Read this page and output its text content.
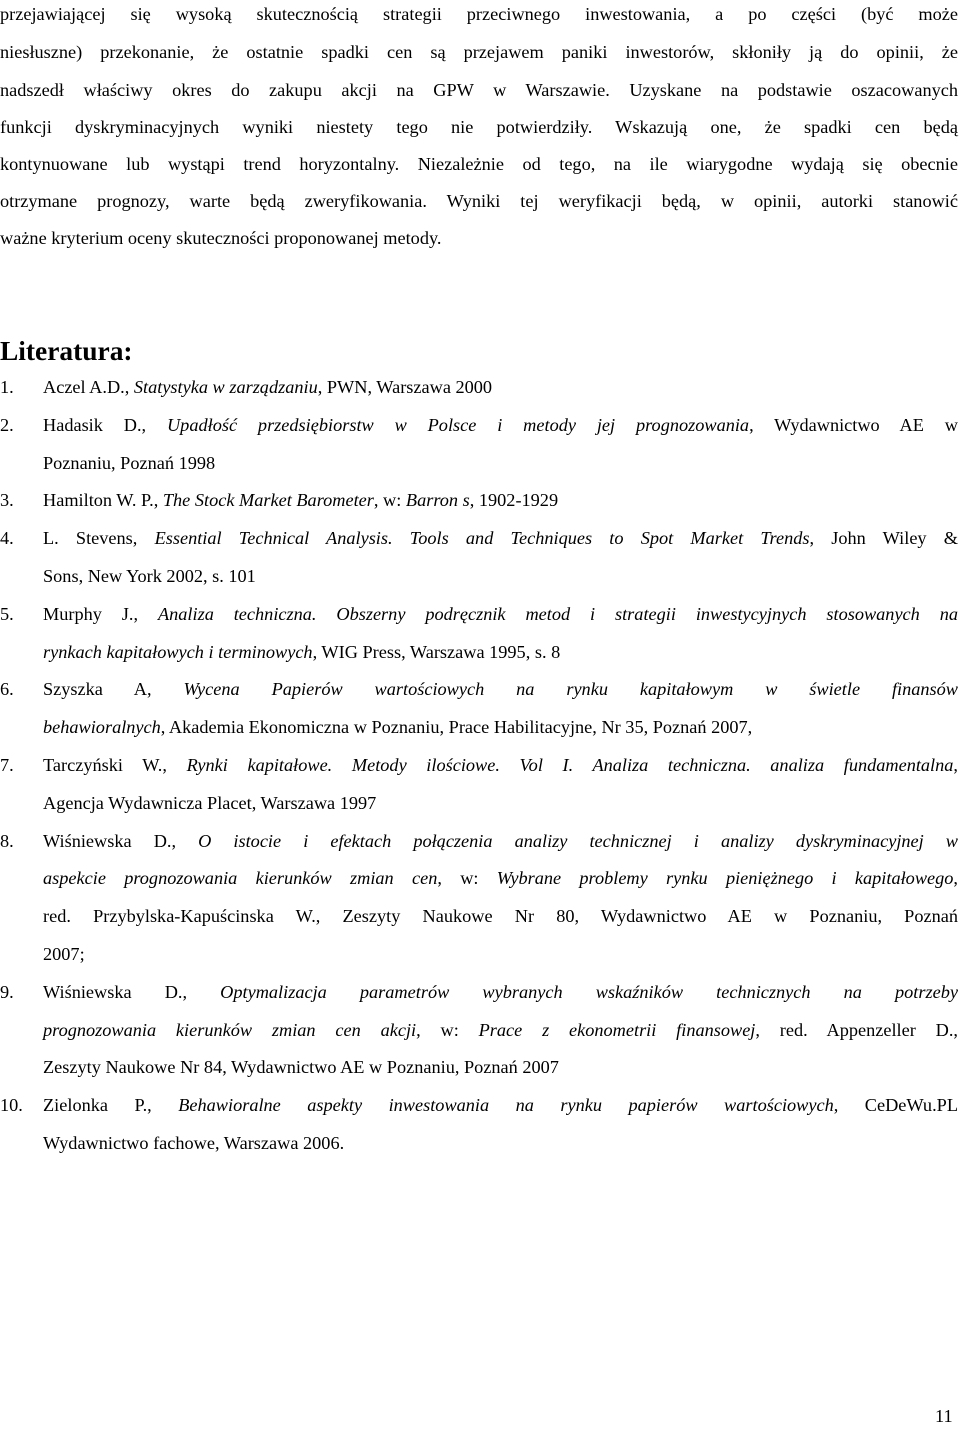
przejawiającej się wysoką skutecznością strategii przeciwnego inwestowania, a po części (być może

niesłuszne) przekonanie, że ostatnie spadki cen są przejawem paniki inwestorów, skłoniły ją do opinii, że

nadszedł właściwy okres do zakupu akcji na GPW w Warszawie. Uzyskane na podstawie oszacowanych

funkcji dyskryminacyjnych wyniki niestety tego nie potwierdziły. Wskazują one, że spadki cen będą

kontynuowane lub wystąpi trend horyzontalny. Niezależnie od tego, na ile wiarygodne wydają się obecnie

otrzymane prognozy, warte będą zweryfikowania. Wyniki tej weryfikacji będą, w opinii, autorki stanowić

ważne kryterium oceny skuteczności proponowanej metody.

Literatura:
1. Aczel A.D., Statystyka w zarządzaniu, PWN, Warszawa 2000
2. Hadasik D., Upadłość przedsiębiorstw w Polsce i metody jej prognozowania, Wydawnictwo AE w
Poznaniu, Poznań 1998
3. Hamilton W. P., The Stock Market Barometer, w: Barron s, 1902-1929
4. L. Stevens, Essential Technical Analysis. Tools and Techniques to Spot Market Trends, John Wiley &
Sons, New York 2002, s. 101
5. Murphy J., Analiza techniczna. Obszerny podręcznik metod i strategii inwestycyjnych stosowanych na
rynkach kapitałowych i terminowych, WIG Press, Warszawa 1995, s. 8
6. Szyszka A, Wycena Papierów wartościowych na rynku kapitałowym w świetle finansów
behawioralnych, Akademia Ekonomiczna w Poznaniu, Prace Habilitacyjne, Nr 35, Poznań 2007,
7. Tarczyński W., Rynki kapitałowe. Metody ilościowe. Vol I. Analiza techniczna. analiza fundamentalna,
Agencja Wydawnicza Placet, Warszawa 1997
8. Wiśniewska D., O istocie i efektach połączenia analizy technicznej i analizy dyskryminacyjnej w
aspekcie prognozowania kierunków zmian cen, w: Wybrane problemy rynku pieniężnego i kapitałowego,
red. Przybylska-Kapuścinska W., Zeszyty Naukowe Nr 80, Wydawnictwo AE w Poznaniu, Poznań
2007;
9. Wiśniewska D., Optymalizacja parametrów wybranych wskaźników technicznych na potrzeby
prognozowania kierunków zmian cen akcji, w: Prace z ekonometrii finansowej, red. Appenzeller D.,
Zeszyty Naukowe Nr 84, Wydawnictwo AE w Poznaniu, Poznań 2007
10. Zielonka P., Behawioralne aspekty inwestowania na rynku papierów wartościowych, CeDeWu.PL
Wydawnictwo fachowe, Warszawa 2006.
11
